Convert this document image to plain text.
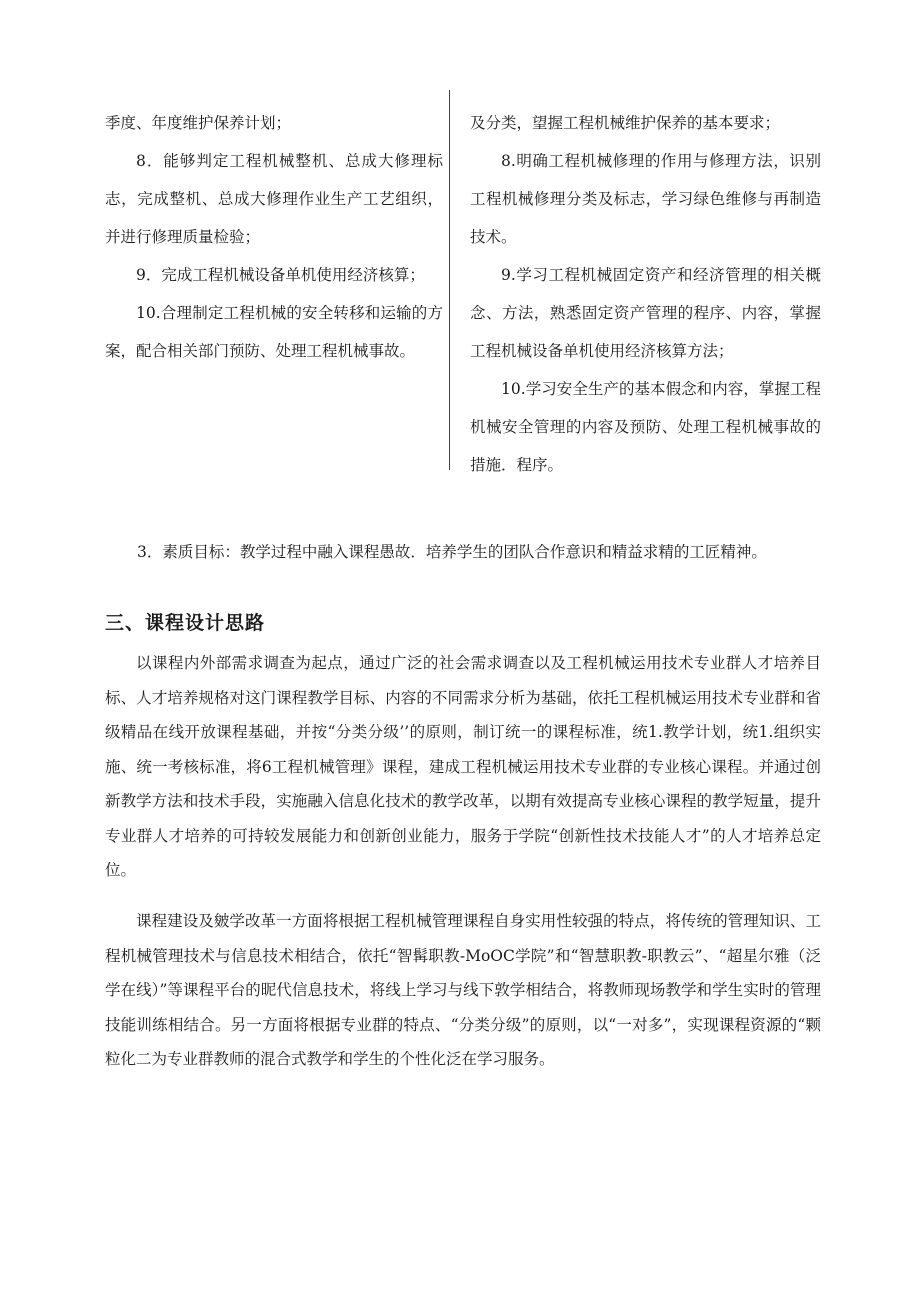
季度、年度维护保养计划；

8．能够判定工程机械整机、总成大修理标志，完成整机、总成大修理作业生产工艺组织，并进行修理质量检验；

9．完成工程机械设备单机使用经济核算；

10.合理制定工程机械的安全转移和运输的方案，配合相关部门预防、处理工程机械事故。

及分类，望握工程机械维护保养的基本要求；

8.明确工程机械修理的作用与修理方法，识别工程机械修理分类及标志，学习绿色维修与再制造技术。

9.学习工程机械固定资产和经济管理的相关概念、方法，熟悉固定资产管理的程序、内容，掌握工程机械设备单机使用经济核算方法；

10.学习安全生产的基本假念和内容，掌握工程机械安全管理的内容及预防、处理工程机械事故的措施．程序。

3．素质目标：教学过程中融入课程愚故．培养学生的团队合作意识和精益求精的工匠精神。
三、课程设计思路

以课程内外部需求调查为起点，通过广泛的社会需求调查以及工程机械运用技术专业群人才培养目标、人才培养规格对这门课程教学目标、内容的不同需求分析为基础，依托工程机械运用技术专业群和省级精品在线开放课程基础，并按“分类分级’’的原则，制订统一的课程标准，统1.教学计划，统1.组织实施、统一考核标准，将6工程机械管理》课程，建成工程机械运用技术专业群的专业核心课程。并通过创新教学方法和技术手段，实施融入信息化技术的教学改革，以期有效提高专业核心课程的教学短量，提升专业群人才培养的可持较发展能力和创新创业能力，服务于学院“创新性技术技能人才”的人才培养总定位。

课程建设及皴学改革一方面将根据工程机械管理课程自身实用性较强的特点，将传统的管理知识、工程机械管理技术与信息技术相结合，依托“智髯职教-MoOC学院”和“智慧职教-职教云”、“超星尔雅（泛学在线）”等课程平台的昵代信息技术，将线上学习与线下敦学相结合，将教师现场教学和学生实时的管理技能训练相结合。另一方面将根据专业群的特点、“分类分级”的原则，以“一对多”，实现课程资源的“颗粒化二为专业群教师的混合式教学和学生的个性化泛在学习服务。
